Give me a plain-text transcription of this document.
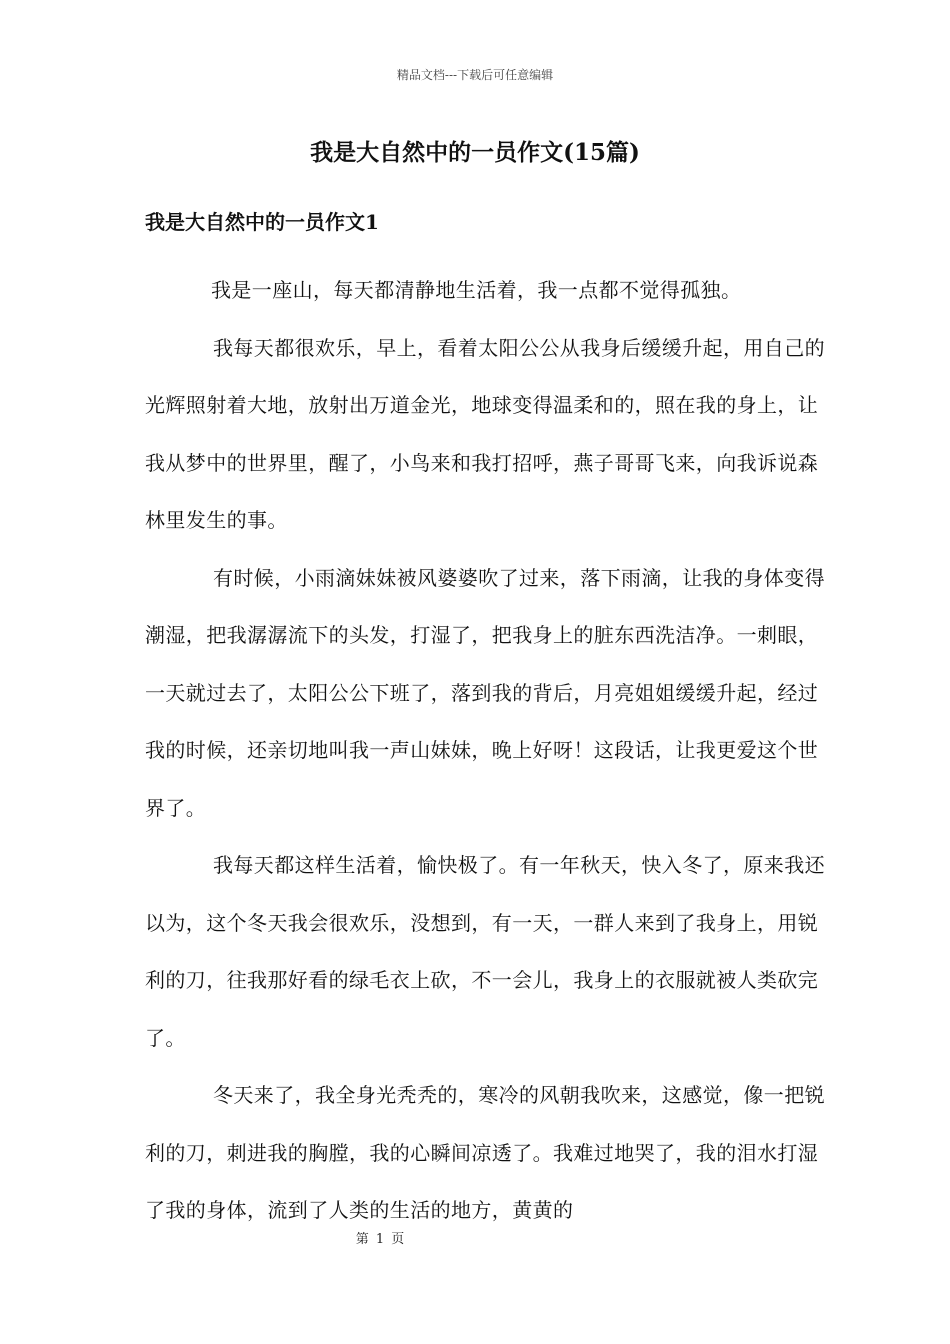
精品文档---下载后可任意编辑
我是大自然中的一员作文(15篇)
我是大自然中的一员作文1

我是一座山，每天都清静地生活着，我一点都不觉得孤独。

我每天都很欢乐，早上，看着太阳公公从我身后缓缓升起，用自己的光辉照射着大地，放射出万道金光，地球变得温柔和的，照在我的身上，让我从梦中的世界里，醒了，小鸟来和我打招呼，燕子哥哥飞来，向我诉说森林里发生的事。

有时候，小雨滴妹妹被风婆婆吹了过来，落下雨滴，让我的身体变得潮湿，把我潺潺流下的头发，打湿了，把我身上的脏东西洗洁净。一刺眼，一天就过去了，太阳公公下班了，落到我的背后，月亮姐姐缓缓升起，经过我的时候，还亲切地叫我一声山妹妹，晚上好呀！这段话，让我更爱这个世界了。

我每天都这样生活着，愉快极了。有一年秋天，快入冬了，原来我还以为，这个冬天我会很欢乐，没想到，有一天，一群人来到了我身上，用锐利的刀，往我那好看的绿毛衣上砍，不一会儿，我身上的衣服就被人类砍完了。

冬天来了，我全身光秃秃的，寒冷的风朝我吹来，这感觉，像一把锐利的刀，刺进我的胸膛，我的心瞬间凉透了。我难过地哭了，我的泪水打湿了我的身体，流到了人类的生活的地方，黄黄的

第 1 页
